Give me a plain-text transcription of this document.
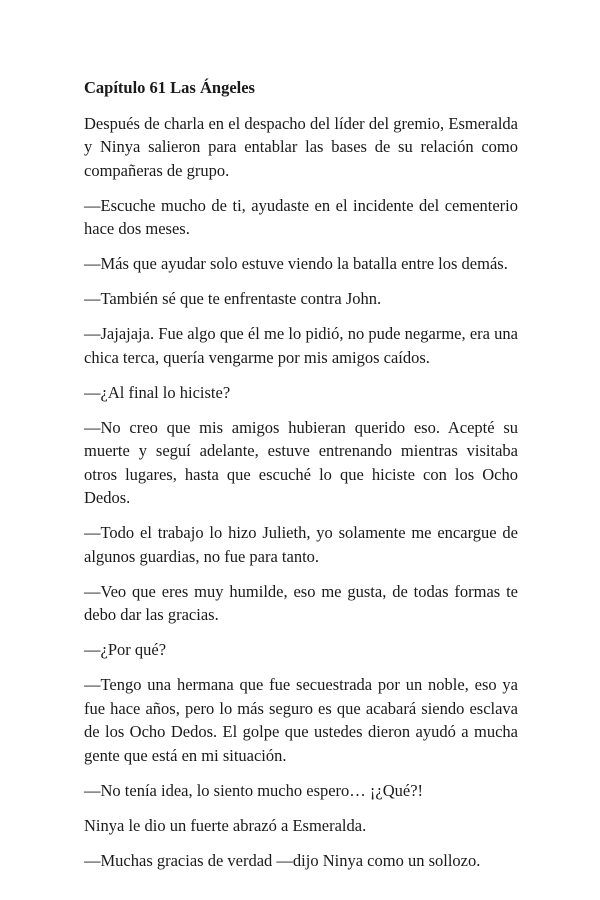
Capítulo 61 Las Ángeles

Después de charla en el despacho del líder del gremio, Esmeralda y Ninya salieron para entablar las bases de su relación como compañeras de grupo.

—Escuche mucho de ti, ayudaste en el incidente del cementerio hace dos meses.

—Más que ayudar solo estuve viendo la batalla entre los demás.

—También sé que te enfrentaste contra John.

—Jajajaja. Fue algo que él me lo pidió, no pude negarme, era una chica terca, quería vengarme por mis amigos caídos.

—¿Al final lo hiciste?

—No creo que mis amigos hubieran querido eso. Acepté su muerte y seguí adelante, estuve entrenando mientras visitaba otros lugares, hasta que escuché lo que hiciste con los Ocho Dedos.

—Todo el trabajo lo hizo Julieth, yo solamente me encargue de algunos guardias, no fue para tanto.

—Veo que eres muy humilde, eso me gusta, de todas formas te debo dar las gracias.

—¿Por qué?

—Tengo una hermana que fue secuestrada por un noble, eso ya fue hace años, pero lo más seguro es que acabará siendo esclava de los Ocho Dedos. El golpe que ustedes dieron ayudó a mucha gente que está en mi situación.

—No tenía idea, lo siento mucho espero… ¡¿Qué?!

Ninya le dio un fuerte abrazó a Esmeralda.

—Muchas gracias de verdad —dijo Ninya como un sollozo.
